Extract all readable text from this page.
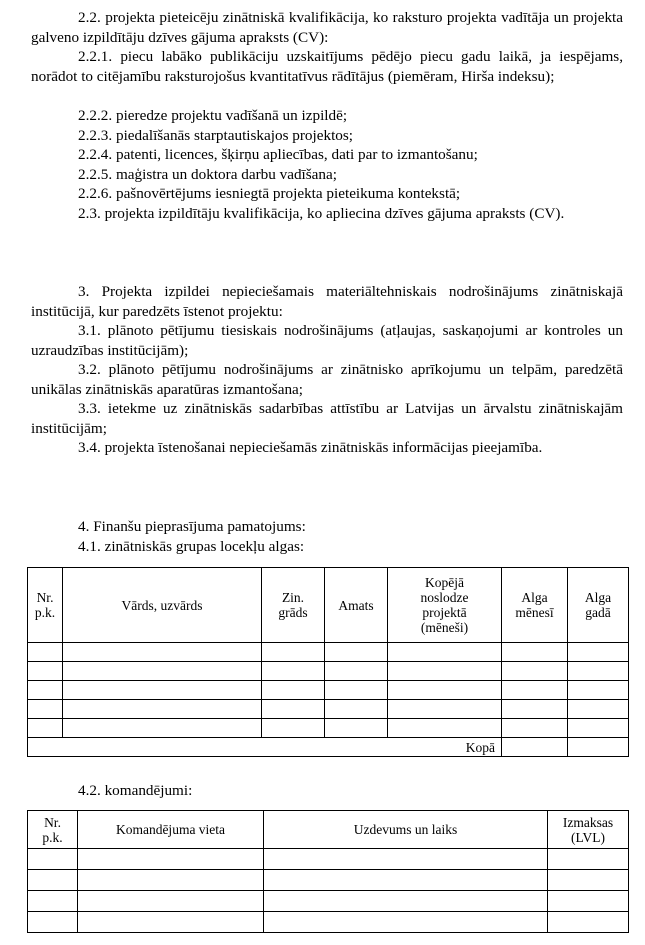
2.2. projekta pieteicēju zinātniskā kvalifikācija, ko raksturo projekta vadītāja un projekta galveno izpildītāju dzīves gājuma apraksts (CV):

2.2.1. piecu labāko publikāciju uzskaitījums pēdējo piecu gadu laikā, ja iespējams, norādot to citējamību raksturojošus kvantitatīvus rādītājus (piemēram, Hirša indeksu);

2.2.2. pieredze projektu vadīšanā un izpildē;

2.2.3. piedalīšanās starptautiskajos projektos;

2.2.4. patenti, licences, šķirņu apliecības, dati par to izmantošanu;

2.2.5. maģistra un doktora darbu vadīšana;

2.2.6. pašnovērtējums iesniegtā projekta pieteikuma kontekstā;

2.3. projekta izpildītāju kvalifikācija, ko apliecina dzīves gājuma apraksts (CV).

3. Projekta izpildei nepieciešamais materiāltehniskais nodrošinājums zinātniskajā institūcijā, kur paredzēts īstenot projektu:

3.1. plānoto pētījumu tiesiskais nodrošinājums (atļaujas, saskaņojumi ar kontroles un uzraudzības institūcijām);

3.2. plānoto pētījumu nodrošinājums ar zinātnisko aprīkojumu un telpām, paredzētā unikālas zinātniskās aparatūras izmantošana;

3.3. ietekme uz zinātniskās sadarbības attīstību ar Latvijas un ārvalstu zinātniskajām institūcijām;

3.4. projekta īstenošanai nepieciešamās zinātniskās informācijas pieejamība.

4. Finanšu pieprasījuma pamatojums:

4.1. zinātniskās grupas locekļu algas:

Nr. p.k.	Vārds, uzvārds	Zin. grāds	Amats	Kopējā noslodze projektā (mēneši)	Alga mēnesī	Alga gadā

Kopā						

4.2. komandējumi:

Nr. p.k.	Komandējuma vieta	Uzdevums un laiks	Izmaksas (LVL)
